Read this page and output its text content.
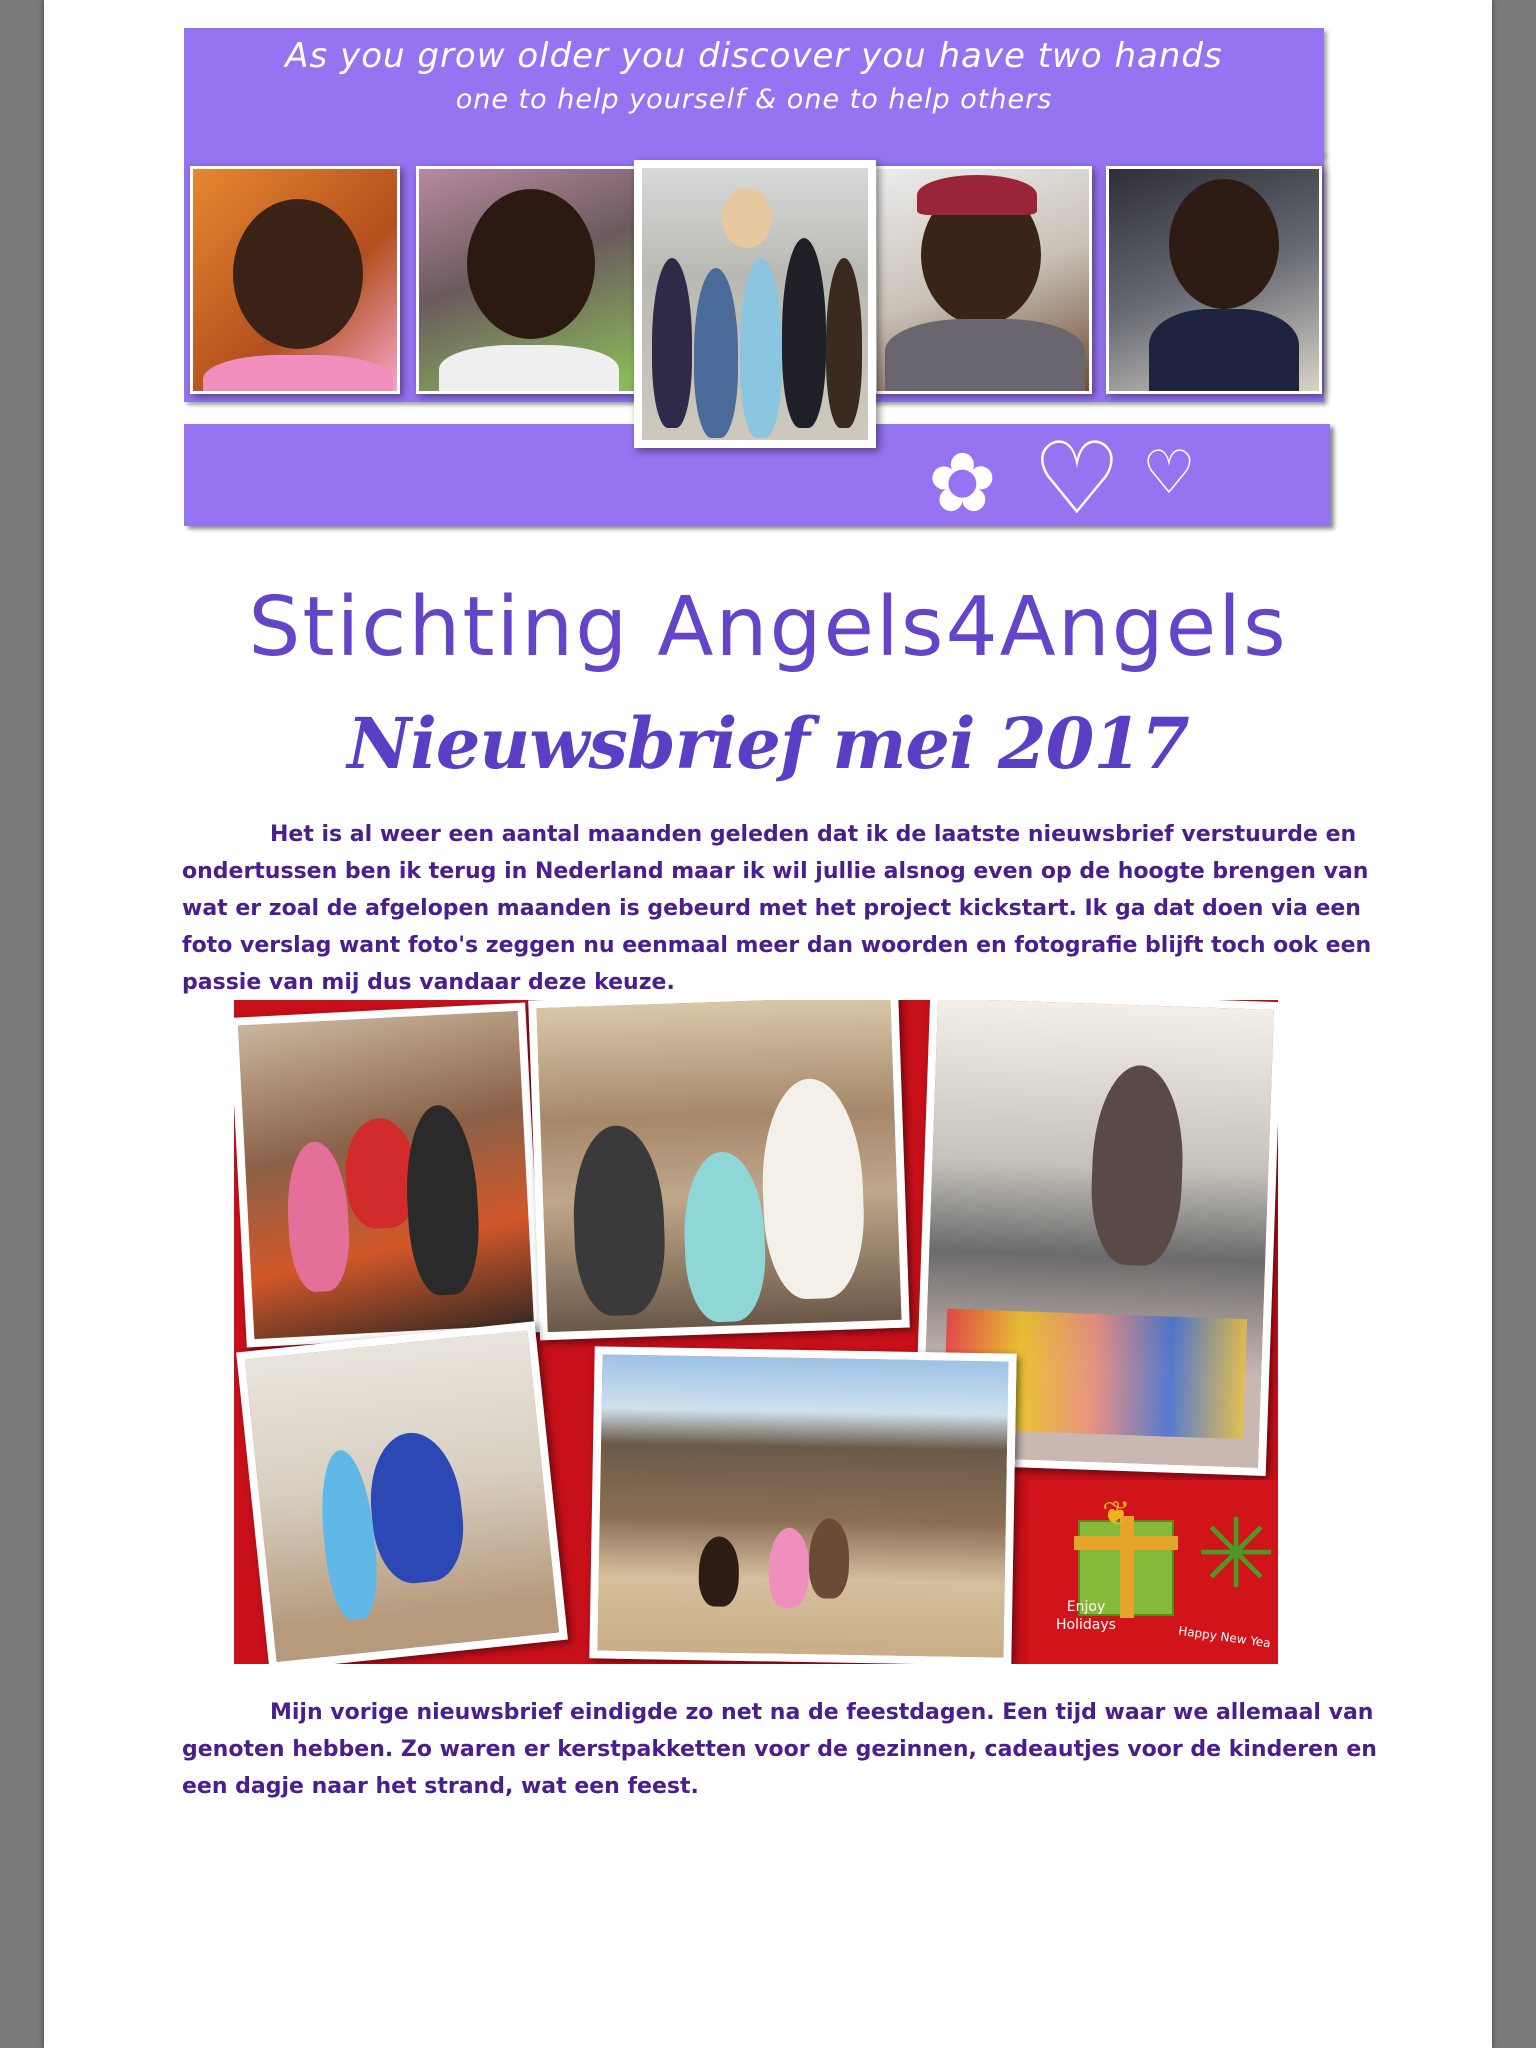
As you grow older you discover you have two hands
one to help yourself & one to help others
✿ ♡ ♡
Stichting Angels4Angels
Nieuwsbrief mei 2017

Het is al weer een aantal maanden geleden dat ik de laatste nieuwsbrief verstuurde en ondertussen ben ik terug in Nederland maar ik wil jullie alsnog even op de hoogte brengen van wat er zoal de afgelopen maanden is gebeurd met het project kickstart. Ik ga dat doen via een foto verslag want foto's zeggen nu eenmaal meer dan woorden en fotografie blijft toch ook een passie van mij dus vandaar deze keuze.

❦ ✳
Enjoy Holidays	Happy New Yea

Mijn vorige nieuwsbrief eindigde zo net na de feestdagen. Een tijd waar we allemaal van genoten hebben. Zo waren er kerstpakketten voor de gezinnen, cadeautjes voor de kinderen en een dagje naar het strand, wat een feest.
